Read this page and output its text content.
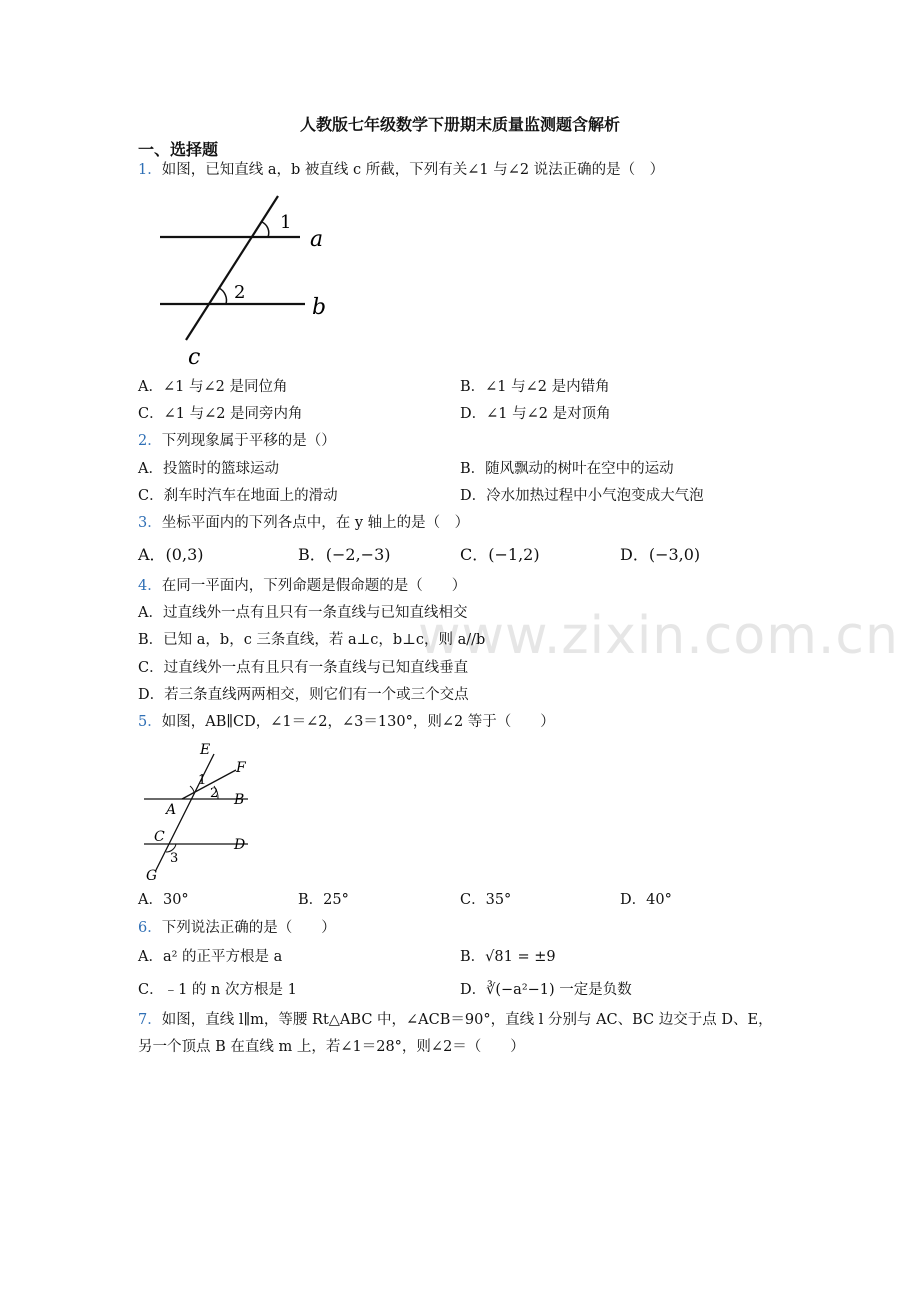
www.zixin.com.cn
人教版七年级数学下册期末质量监测题含解析
一、选择题
1．如图，已知直线 a，b 被直线 c 所截，下列有关∠1 与∠2 说法正确的是（　）
1
a
2
b
c
A．∠1 与∠2 是同位角	B．∠1 与∠2 是内错角
C．∠1 与∠2 是同旁内角	D．∠1 与∠2 是对顶角
2．下列现象属于平移的是（）
A．投篮时的篮球运动	B．随风飘动的树叶在空中的运动
C．刹车时汽车在地面上的滑动	D．冷水加热过程中小气泡变成大气泡
3．坐标平面内的下列各点中，在 y 轴上的是（　）
A．(0,3)	B．(−2,−3)	C．(−1,2)	D．(−3,0)
4．在同一平面内，下列命题是假命题的是（　　）
A．过直线外一点有且只有一条直线与已知直线相交
B．已知 a，b，c 三条直线，若 a⊥c，b⊥c，则 a//b
C．过直线外一点有且只有一条直线与已知直线垂直
D．若三条直线两两相交，则它们有一个或三个交点
5．如图，AB∥CD，∠1＝∠2，∠3＝130°，则∠2 等于（　　）
E
F
1
2
A
B
C	D
3
G
A．30°	B．25°	C．35°	D．40°
6．下列说法正确的是（　　）
A．a² 的正平方根是 a	B．√81 = ±9
C．﹣1 的 n 次方根是 1	D．∛(−a²−1) 一定是负数
7．如图，直线 l∥m，等腰 Rt△ABC 中，∠ACB＝90°，直线 l 分别与 AC、BC 边交于点 D、E，
另一个顶点 B 在直线 m 上，若∠1＝28°，则∠2＝（　　）
